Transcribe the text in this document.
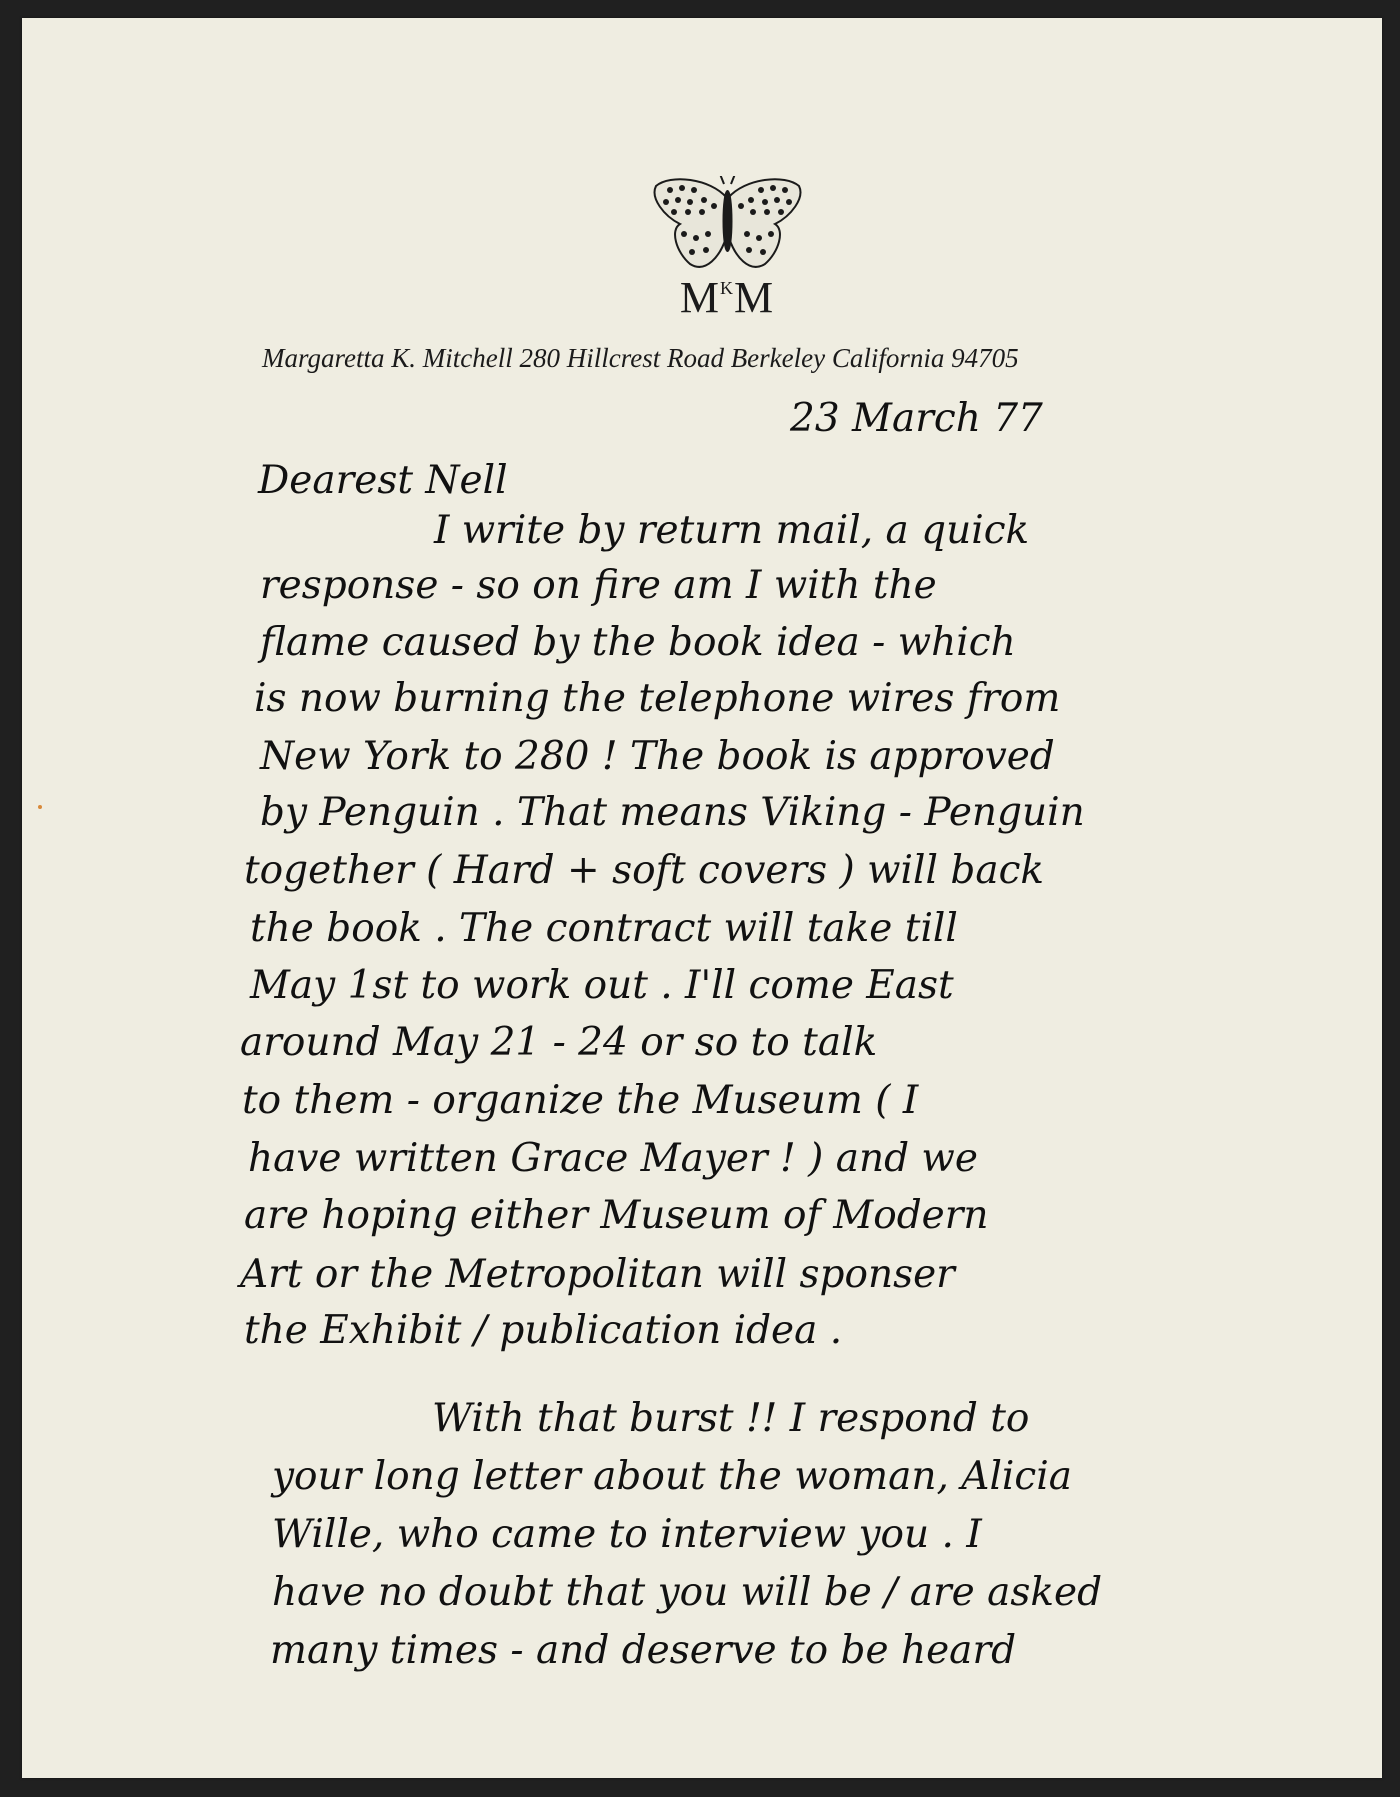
$M^KM$
Margaretta K. Mitchell 280 Hillcrest Road Berkeley California 94705
23 March 77
Dearest Nell
I write by return mail, a quick
response - so on fire am I with the
flame caused by the book idea - which
is now burning the telephone wires from
New York to 280 ! The book is approved
by Penguin . That means Viking - Penguin
together ( Hard + soft covers ) will back
the book . The contract will take till
May 1st to work out . I'll come East
around May 21 - 24 or so to talk
to them - organize the Museum ( I
have written Grace Mayer ! ) and we
are hoping either Museum of Modern
Art or the Metropolitan will sponser
the Exhibit / publication idea .
With that burst !! I respond to
your long letter about the woman, Alicia
Wille, who came to interview you . I
have no doubt that you will be / are asked
many times - and deserve to be heard
